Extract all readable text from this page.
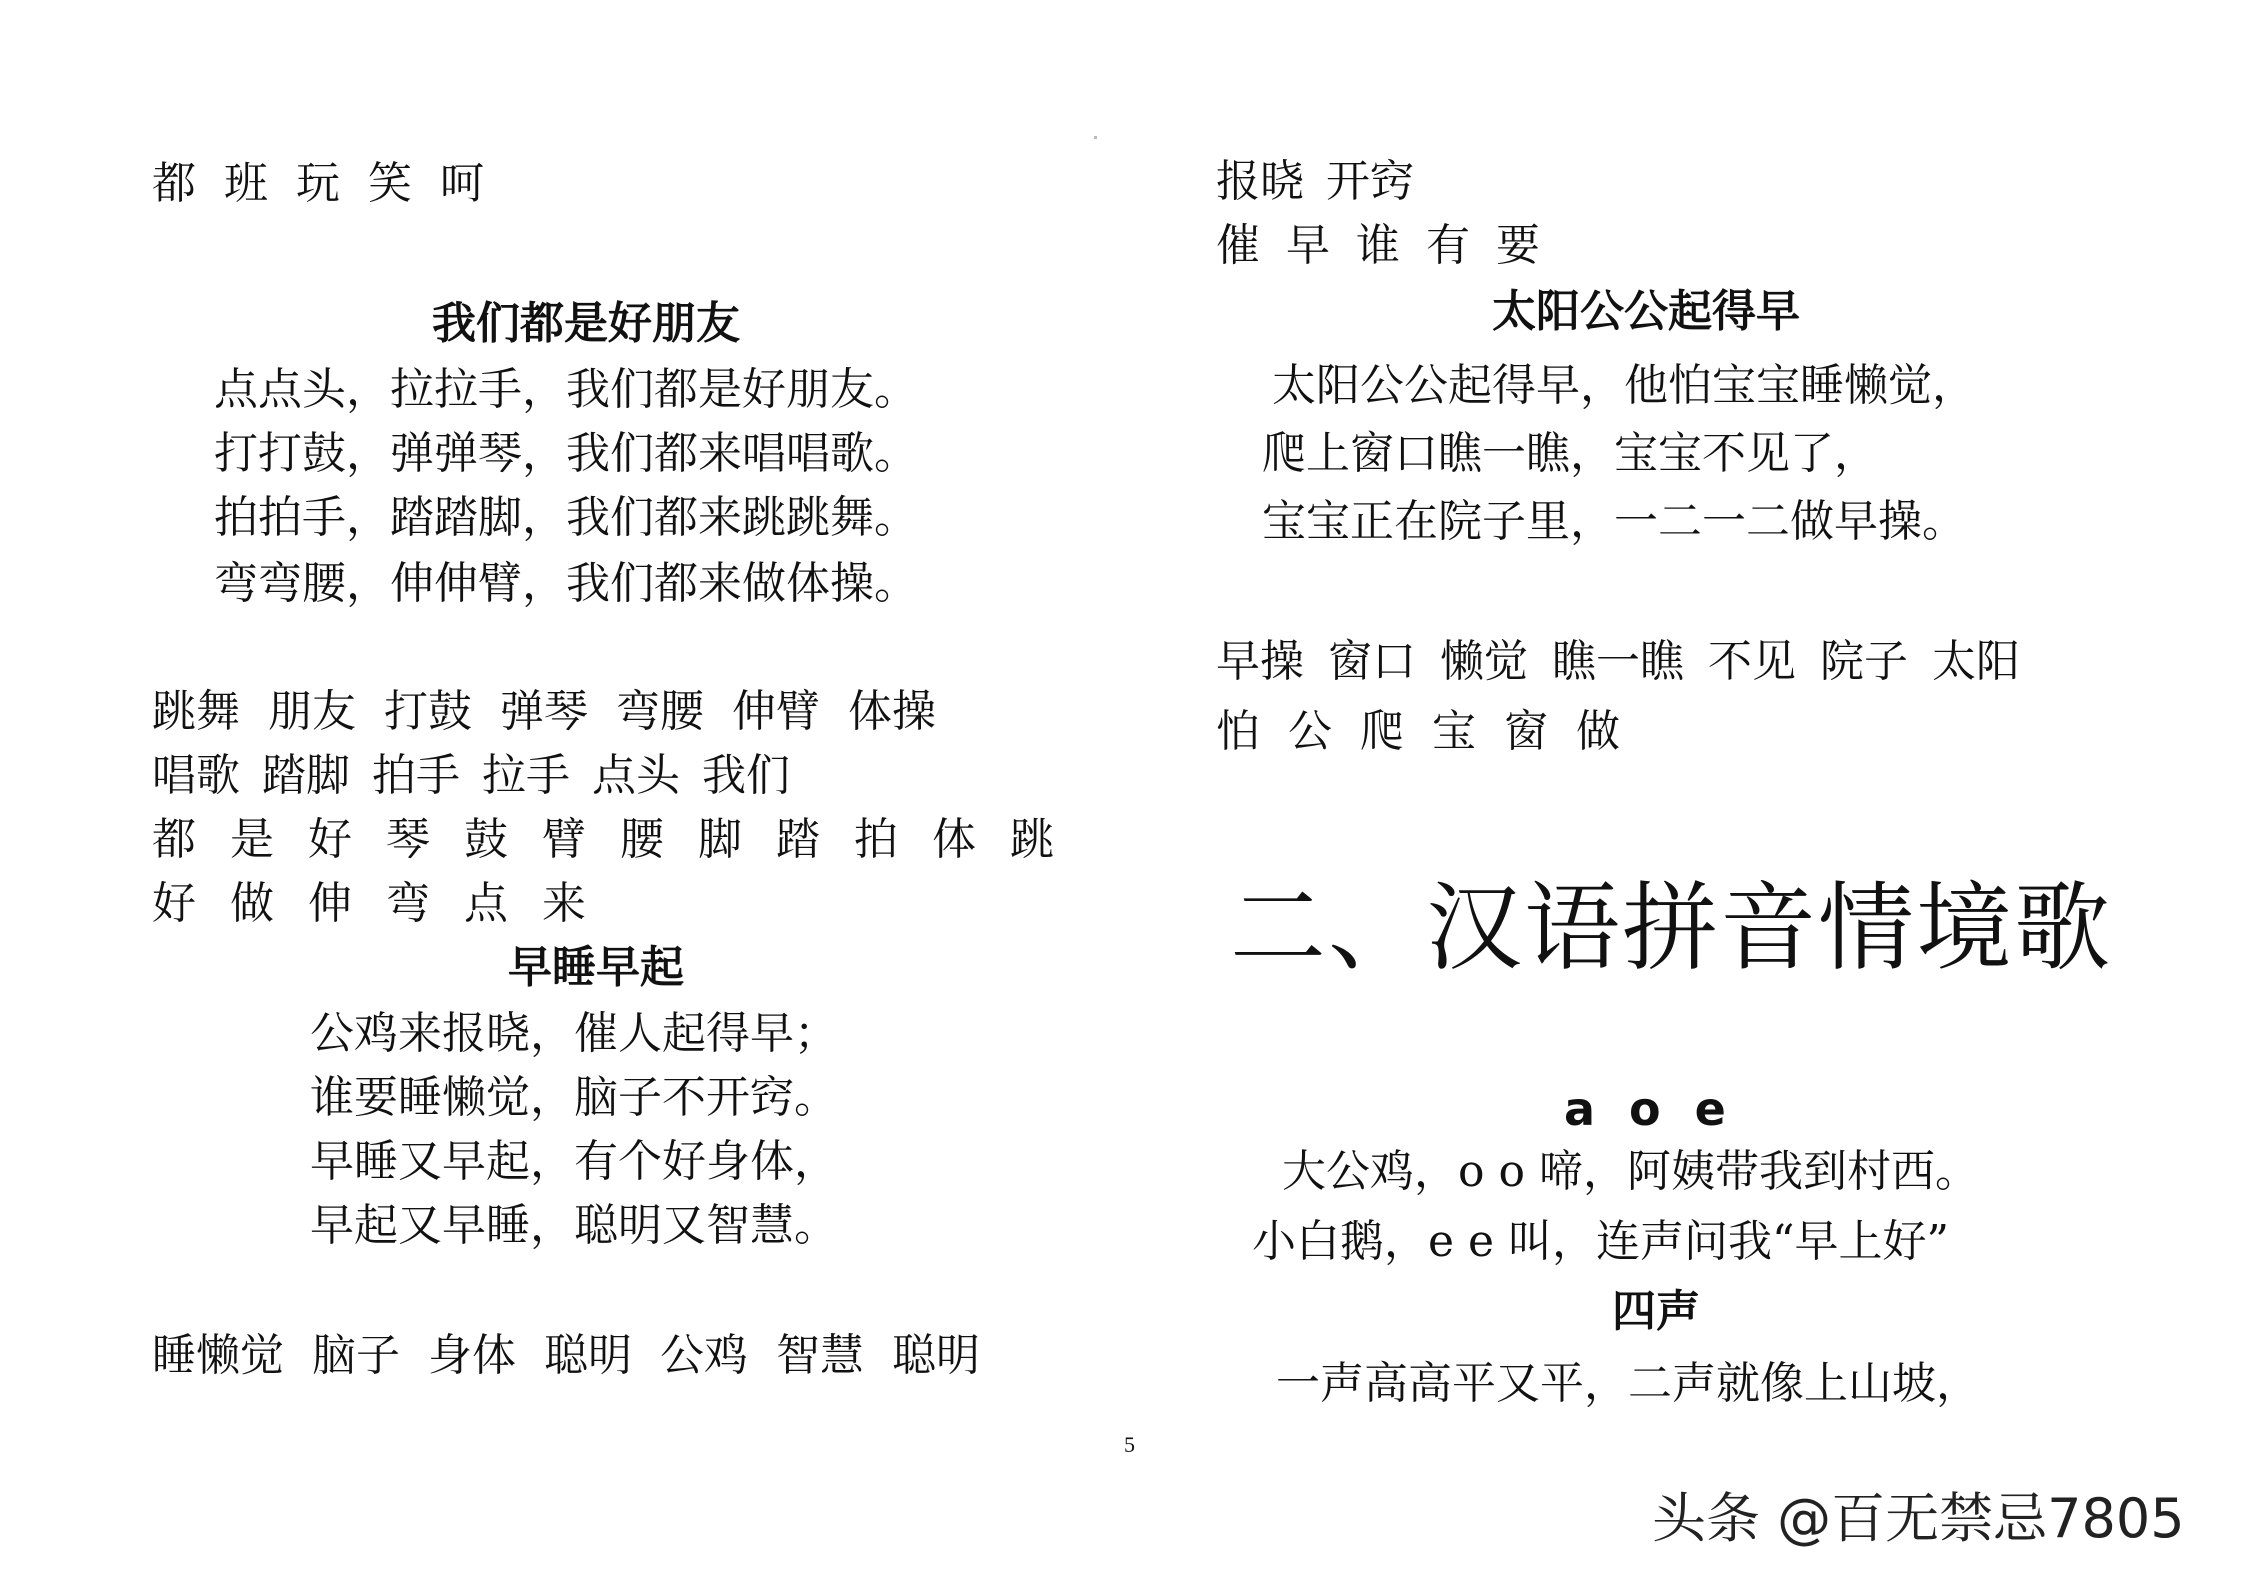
都 班 玩 笑 呵
我们都是好朋友
点点头，拉拉手，我们都是好朋友。
打打鼓，弹弹琴，我们都来唱唱歌。
拍拍手，踏踏脚，我们都来跳跳舞。
弯弯腰，伸伸臂，我们都来做体操。
跳舞 朋友 打鼓 弹琴 弯腰 伸臂 体操
唱歌 踏脚 拍手 拉手 点头 我们
都 是 好 琴 鼓 臂 腰 脚 踏 拍 体 跳
好 做 伸 弯 点 来
早睡早起
公鸡来报晓，催人起得早；
谁要睡懒觉，脑子不开窍。
早睡又早起，有个好身体，
早起又早睡，聪明又智慧。
睡懒觉 脑子 身体 聪明 公鸡 智慧 聪明
5
报晓 开窍
催 早 谁 有 要
太阳公公起得早
太阳公公起得早，他怕宝宝睡懒觉，
爬上窗口瞧一瞧，宝宝不见了，
宝宝正在院子里，一二一二做早操。
早操 窗口 懒觉 瞧一瞧 不见 院子 太阳
怕 公 爬 宝 窗 做
二、汉语拼音情境歌
a o e
大公鸡，o o 啼，阿姨带我到村西。
小白鹅，e e 叫，连声问我“早上好”
四声
一声高高平又平，二声就像上山坡，
头条 @百无禁忌7805
